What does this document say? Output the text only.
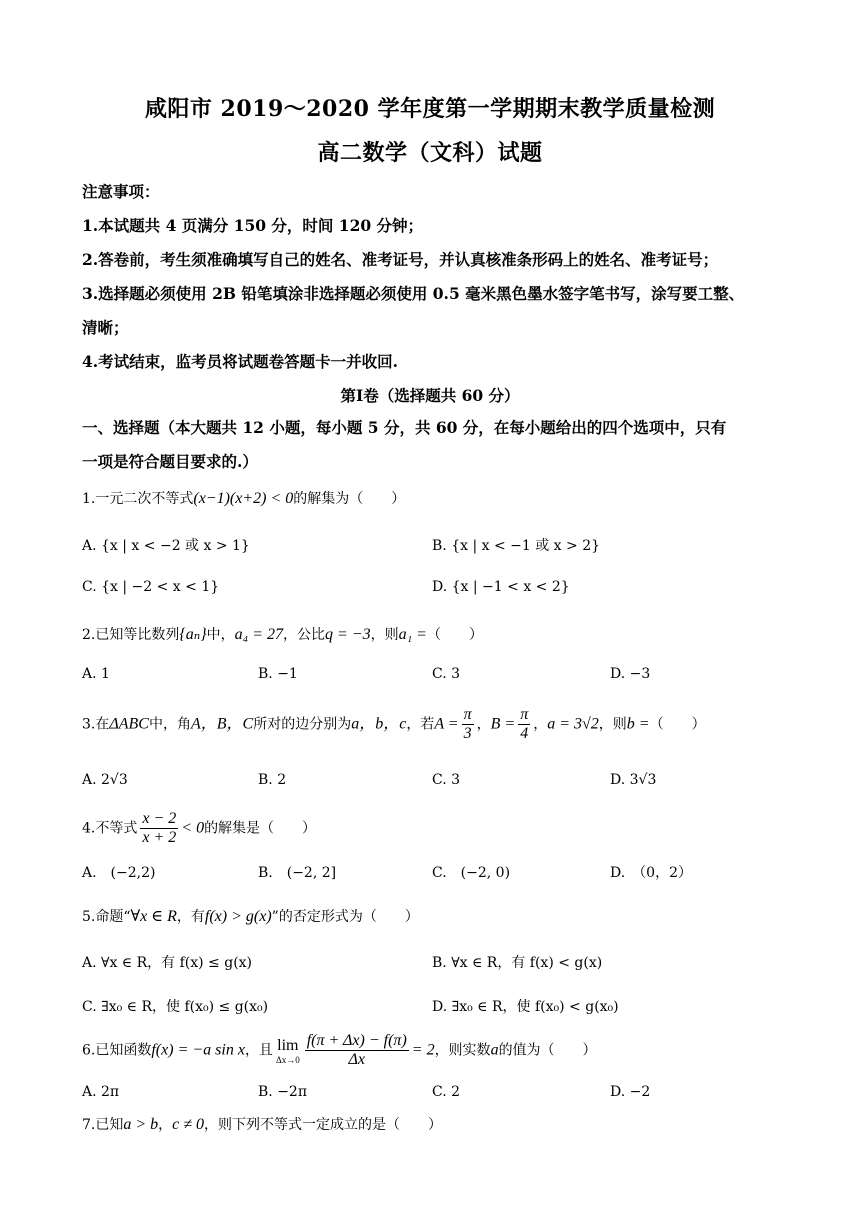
咸阳市 2019～2020 学年度第一学期期末教学质量检测
高二数学（文科）试题
注意事项：
1.本试题共 4 页满分 150 分，时间 120 分钟；
2.答卷前，考生须准确填写自己的姓名、准考证号，并认真核准条形码上的姓名、准考证号；
3.选择题必须使用 2B 铅笔填涂非选择题必须使用 0.5 毫米黑色墨水签字笔书写，涂写要工整、
清晰；
4.考试结束，监考员将试题卷答题卡一并收回.
第Ⅰ卷（选择题共 60 分）
一、选择题（本大题共 12 小题，每小题 5 分，共 60 分，在每小题给出的四个选项中，只有
一项是符合题目要求的.）
1.一元二次不等式(x−1)(x+2) < 0的解集为（　　）
A. {x | x < −2 或 x > 1}	B. {x | x < −1 或 x > 2}
C. {x | −2 < x < 1}	D. {x | −1 < x < 2}
2.已知等比数列{aₙ}中，a₄ = 27，公比q = −3，则a₁ =（　　）
A. 1	B. −1	C. 3	D. −3
3.在ΔABC中，角A，B，C所对的边分别为a，b，c，若$A = \frac{\pi}{3}$ ，$B = \frac{\pi}{4}$ ，a = 3√2，则b =（　　）
A. 2√3	B. 2	C. 3	D. 3√3
4.不等式 $\frac{x - 2}{x + 2} < 0$的解集是（　　）
A.　(−2,2)	B.　(−2, 2]	C.　(−2, 0)	D.　（0，2）
5.命题“∀x ∈ R，有f(x) > g(x)”的否定形式为（　　）
A. ∀x ∈ R，有 f(x) ≤ g(x)	B. ∀x ∈ R，有 f(x) < g(x)
C. ∃x₀ ∈ R，使 f(x₀) ≤ g(x₀)	D. ∃x₀ ∈ R，使 f(x₀) < g(x₀)
6.已知函数f(x) = −a sin x，且 lim
$\Delta x\to 0 \frac{f(\pi + \Delta x) - f(\pi)}{\Delta x} = 2$，则实数a的值为（　　）
A. 2π	B. −2π	C. 2	D. −2
7.已知a > b，c ≠ 0，则下列不等式一定成立的是（　　）
